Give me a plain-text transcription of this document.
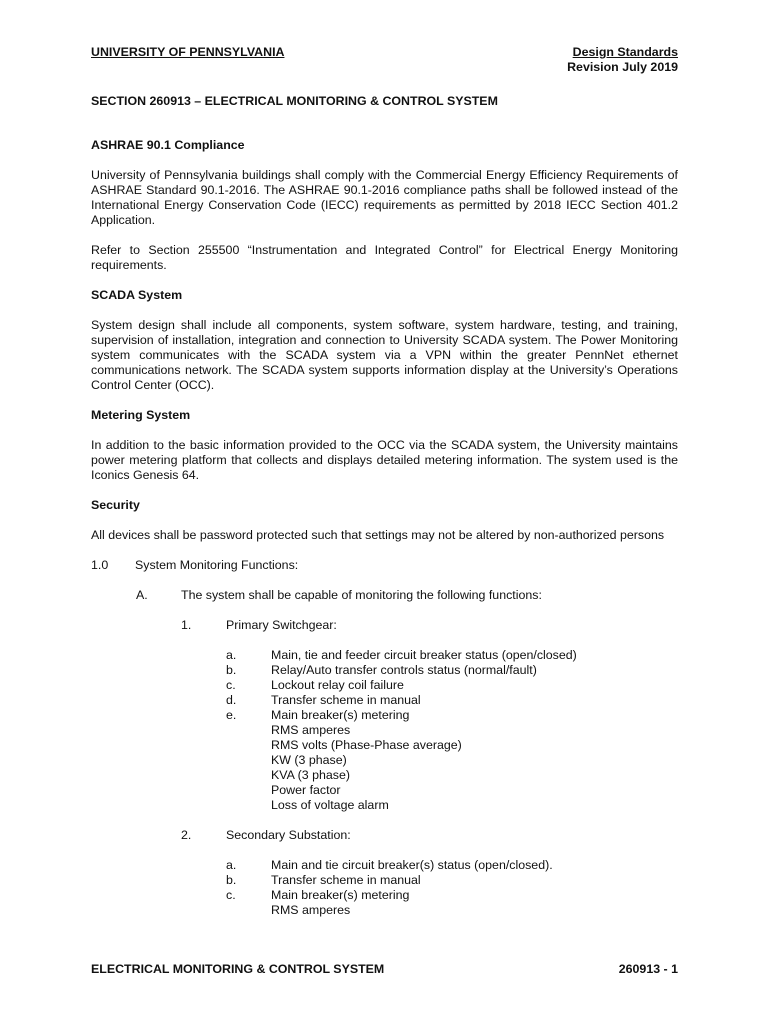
UNIVERSITY OF PENNSYLVANIA	Design Standards
Revision July 2019
SECTION 260913 – ELECTRICAL MONITORING & CONTROL SYSTEM
ASHRAE 90.1 Compliance

University of Pennsylvania buildings shall comply with the Commercial Energy Efficiency Requirements of ASHRAE Standard 90.1-2016. The ASHRAE 90.1-2016 compliance paths shall be followed instead of the International Energy Conservation Code (IECC) requirements as permitted by 2018 IECC Section 401.2 Application.

Refer to Section 255500 “Instrumentation and Integrated Control” for Electrical Energy Monitoring requirements.

SCADA System

System design shall include all components, system software, system hardware, testing, and training, supervision of installation, integration and connection to University SCADA system. The Power Monitoring system communicates with the SCADA system via a VPN within the greater PennNet ethernet communications network. The SCADA system supports information display at the University’s Operations Control Center (OCC).

Metering System

In addition to the basic information provided to the OCC via the SCADA system, the University maintains power metering platform that collects and displays detailed metering information. The system used is the Iconics Genesis 64.

Security

All devices shall be password protected such that settings may not be altered by non-authorized persons

1.0	System Monitoring Functions:
A.	The system shall be capable of monitoring the following functions:
1.	Primary Switchgear:
a.	Main, tie and feeder circuit breaker status (open/closed)
b.	Relay/Auto transfer controls status (normal/fault)
c.	Lockout relay coil failure
d.	Transfer scheme in manual
e.	Main breaker(s) metering
RMS amperes
RMS volts (Phase-Phase average)
KW (3 phase)
KVA (3 phase)
Power factor
Loss of voltage alarm
2.	Secondary Substation:
a.	Main and tie circuit breaker(s) status (open/closed).
b.	Transfer scheme in manual
c.	Main breaker(s) metering
RMS amperes
ELECTRICAL MONITORING & CONTROL SYSTEM	260913 - 1
